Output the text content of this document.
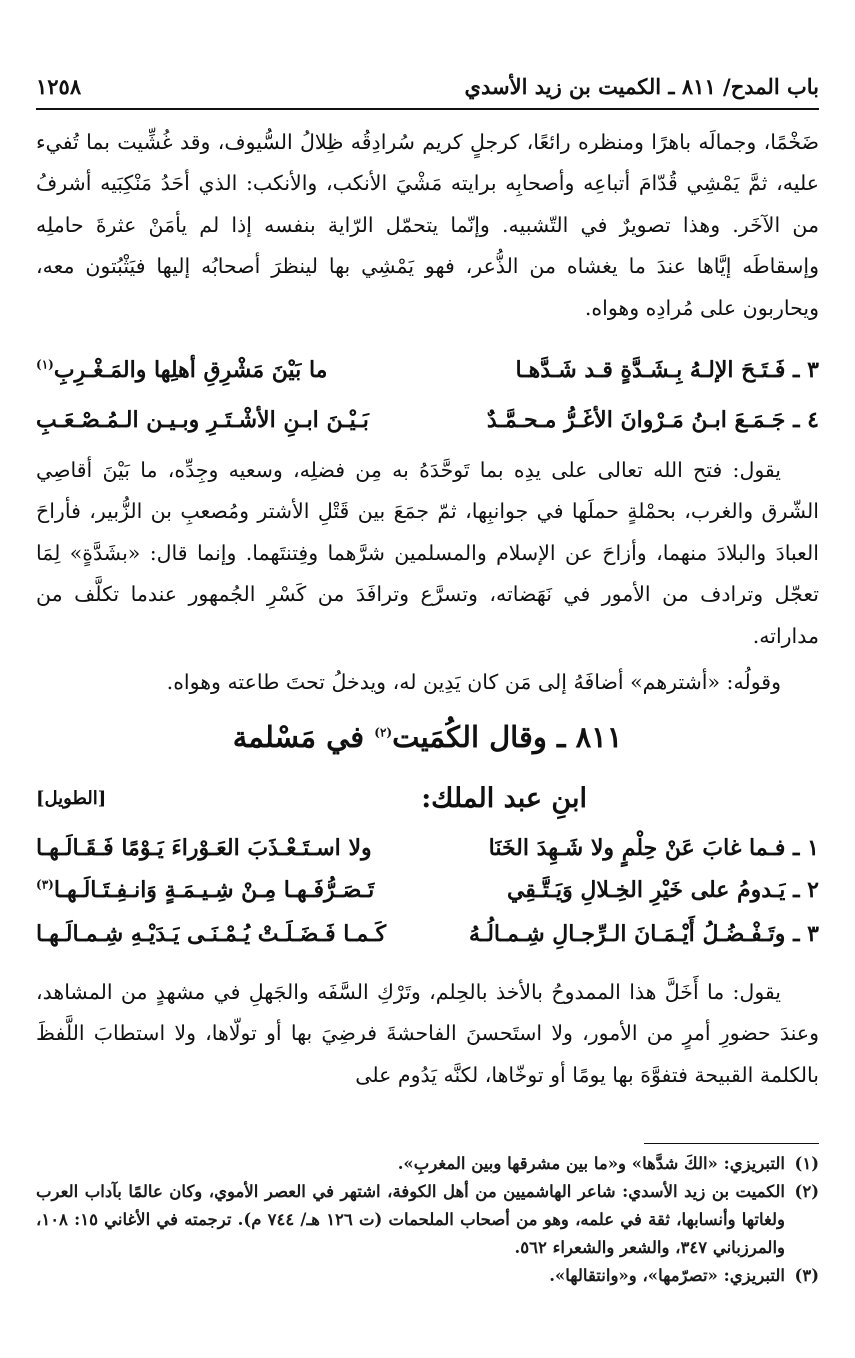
باب المدح/ ٨١١ ـ الكميت بن زيد الأسدي
١٢٥٨
ضَخْمًا، وجمالَه باهرًا ومنظره رائعًا، كرجلٍ كريم سُرادِقُه ظِلالُ السُّيوف، وقد غُشِّيت بما تُفيء عليه، ثمَّ يَمْشِي قُدّامَ أتباعِه وأصحابِه برايته مَشْيَ الأنكب، والأنكب: الذي أحَدُ مَنْكِبَيه أشرفُ من الآخَر. وهذا تصويرٌ في التّشبيه. وإنّما يتحمّل الرّاية بنفسه إذا لم يأمَنْ عثرةَ حاملِه وإسقاطَه إيَّاها عندَ ما يغشاه من الذُّعر، فهو يَمْشِي بها لينظرَ أصحابُه إليها فيَثْبُتون معه، ويحاربون على مُرادِه وهواه.
٣ ـ فَـتَـحَ الإلـهُ بِـشَـدَّةٍ قـد شَـدَّهـا
ما بَيْنَ مَشْرِقِ أهلِها والمَـغْـرِبِ$^{(١)}$
٤ ـ جَـمَـعَ ابـنُ مَـرْوانَ الأغَـرُّ مـحـمَّـدٌ
بَـيْـنَ ابـنِ الأشْـتَـرِ وبـيـن الـمُـصْـعَـبِ
يقول: فتح الله تعالى على يدِه بما تَوحَّدَهُ به مِن فضلِه، وسعيه وجِدِّه، ما بَيْنَ أقاصِي الشّرق والغرب، بحمْلةٍ حملَها في جوانبِها، ثمّ جمَعَ بين قَتْلِ الأشتر ومُصعبِ بن الزُّبير، فأراحَ العبادَ والبلادَ منهما، وأزاحَ عن الإسلام والمسلمين شرَّهما وفِتنتَهما. وإنما قال: «بشَدَّةٍ» لِمَا تعجّل وترادف من الأمور في نَهَضاته، وتسرَّع وترافَدَ من كَسْرِ الجُمهور عندما تكلَّف من مداراته.
وقولُه: «أشترهم» أضافَهُ إلى مَن كان يَدِين له، ويدخلُ تحتَ طاعته وهواه.
٨١١ ـ وقال الكُمَيت$^{(٢)}$ في مَسْلمة
ابنِ عبد الملك:
[الطويل]
١ ـ فـما غابَ عَنْ حِلْمٍ ولا شَـهِدَ الخَنَا
ولا اسـتَـعْـذَبَ العَـوْراءَ يَـوْمًا فَـقَـالَـهـا
٢ ـ يَـدومُ على خَيْرِ الخِـلالِ وَيَـتَّـقِي
تَـصَـرُّفَـهـا مِـنْ شِـيـمَـةٍ وَانـفِـتَـالَـهـا$^{(٣)}$
٣ ـ وتَـفْـضُـلُ أَيْـمَـانَ الـرِّجـالِ شِـمـالُـهُ
كَـمـا فَـضَـلَـتْ يُـمْـنَـى يَـدَيْـهِ شِـمـالَـهـا
يقول: ما أَخَلَّ هذا الممدوحُ بالأخذ بالحِلم، وتَرْكِ السَّفَه والجَهلِ في مشهدٍ من المشاهد، وعندَ حضورِ أمرٍ من الأمور، ولا استَحسنَ الفاحشةَ فرضِيَ بها أو تولّاها، ولا استطابَ اللَّفظَ بالكلمة القبيحة فتفوَّهَ بها يومًا أو توخّاها، لكنَّه يَدُوم على
(١)التبريزي: «الكَ شدَّها» و«ما بين مشرقها وبين المغربِ».
(٢)
الكميت بن زيد الأسدي: شاعر الهاشميين من أهل الكوفة، اشتهر في العصر الأموي، وكان عالمًا بآداب العرب ولغاتها وأنسابها، ثقة في علمه، وهو من أصحاب الملحمات (ت ١٢٦ هـ/ ٧٤٤ م). ترجمته في الأغاني ١٥: ١٠٨، والمرزباني ٣٤٧، والشعر والشعراء ٥٦٢.
(٣)التبريزي: «تصرّمها»، و«وانتقالها».
